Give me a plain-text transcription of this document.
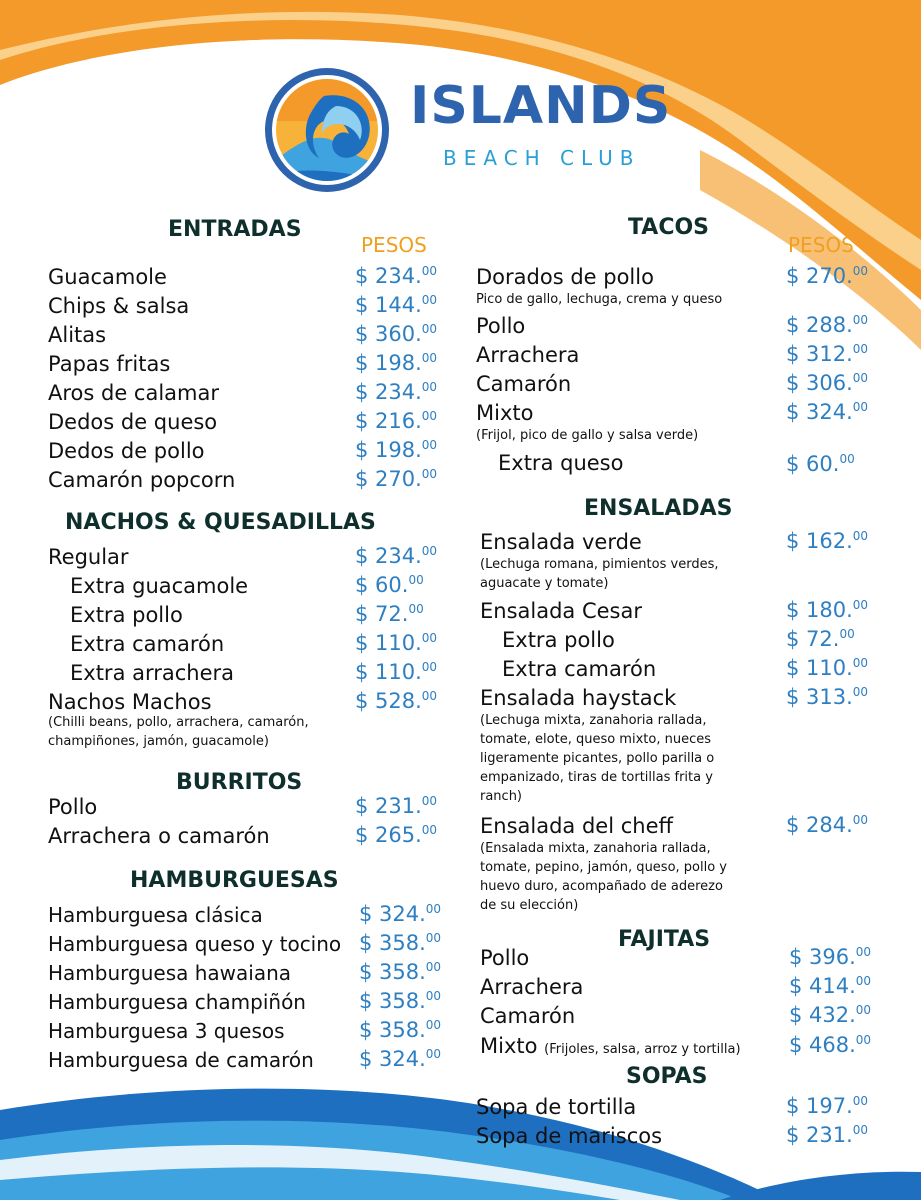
ISLANDS
BEACH CLUB
ENTRADAS
PESOS
Guacamole	$ 234.00
Chips & salsa	$ 144.00
Alitas	$ 360.00
Papas fritas	$ 198.00
Aros de calamar	$ 234.00
Dedos de queso	$ 216.00
Dedos de pollo	$ 198.00
Camarón popcorn	$ 270.00
NACHOS & QUESADILLAS
Regular	$ 234.00
Extra guacamole	$ 60.00
Extra pollo	$ 72.00
Extra camarón	$ 110.00
Extra arrachera	$ 110.00
Nachos Machos	$ 528.00
(Chilli beans, pollo, arrachera, camarón,
champiñones, jamón, guacamole)
BURRITOS
Pollo	$ 231.00
Arrachera o camarón	$ 265.00
HAMBURGUESAS
Hamburguesa clásica	$ 324.00
Hamburguesa queso y tocino $ 358.00
Hamburguesa hawaiana	$ 358.00
Hamburguesa champiñón	$ 358.00
Hamburguesa 3 quesos	$ 358.00
Hamburguesa de camarón $ 324.00
TACOS
PESOS
Dorados de pollo	$ 270.00
Pico de gallo, lechuga, crema y queso
Pollo	$ 288.00
Arrachera	$ 312.00
Camarón	$ 306.00
Mixto	$ 324.00
(Frijol, pico de gallo y salsa verde)
Extra queso	$ 60.00
ENSALADAS
Ensalada verde	$ 162.00
(Lechuga romana, pimientos verdes,
aguacate y tomate)
Ensalada Cesar	$ 180.00
Extra pollo	$ 72.00
Extra camarón	$ 110.00
Ensalada haystack	$ 313.00
(Lechuga mixta, zanahoria rallada,
tomate, elote, queso mixto, nueces
ligeramente picantes, pollo parilla o
empanizado, tiras de tortillas frita y
ranch)
Ensalada del cheff	$ 284.00
(Ensalada mixta, zanahoria rallada,
tomate, pepino, jamón, queso, pollo y
huevo duro, acompañado de aderezo
de su elección)
FAJITAS
Pollo	$ 396.00
Arrachera	$ 414.00
Camarón	$ 432.00
Mixto (Frijoles, salsa, arroz y tortilla) $ 468.00
SOPAS
Sopa de tortilla	$ 197.00
Sopa de mariscos	$ 231.00
